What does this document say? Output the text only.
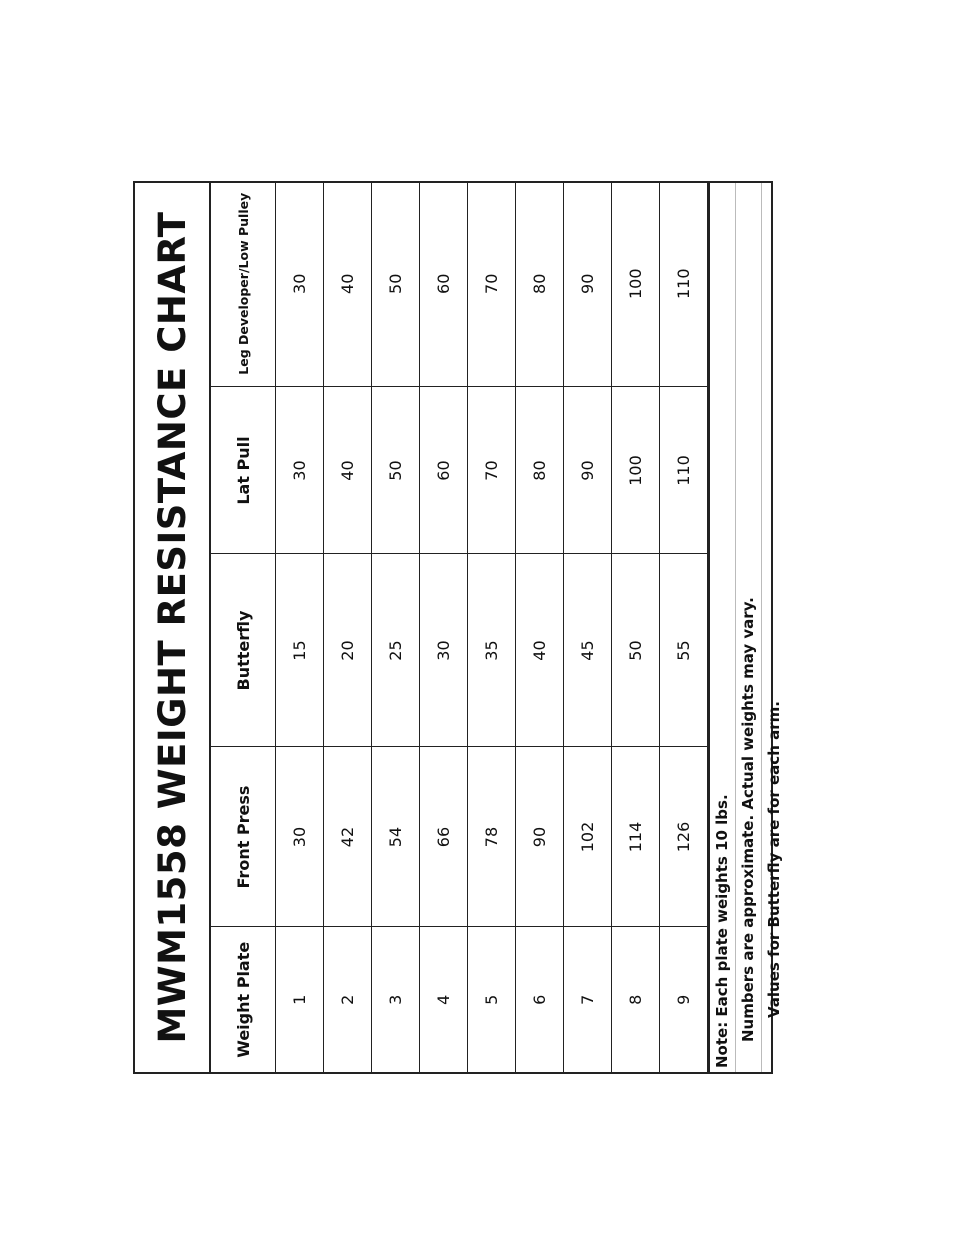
MWM1558 WEIGHT RESISTANCE CHART	Weight Plate	Front Press	Butterfly	Lat Pull	Leg Developer/Low Pulley
1	30	15	30	30
2	42	20	40	40
3	54	25	50	50
4	66	30	60	60
5	78	35	70	70
6	90	40	80	80
7	102	45	90	90
8	114	50	100	100
9	126	55	110	110
Note: Each plate weights 10 lbs. Numbers are approximate. Actual weights may vary. Values for Butterfly are for each arm.
